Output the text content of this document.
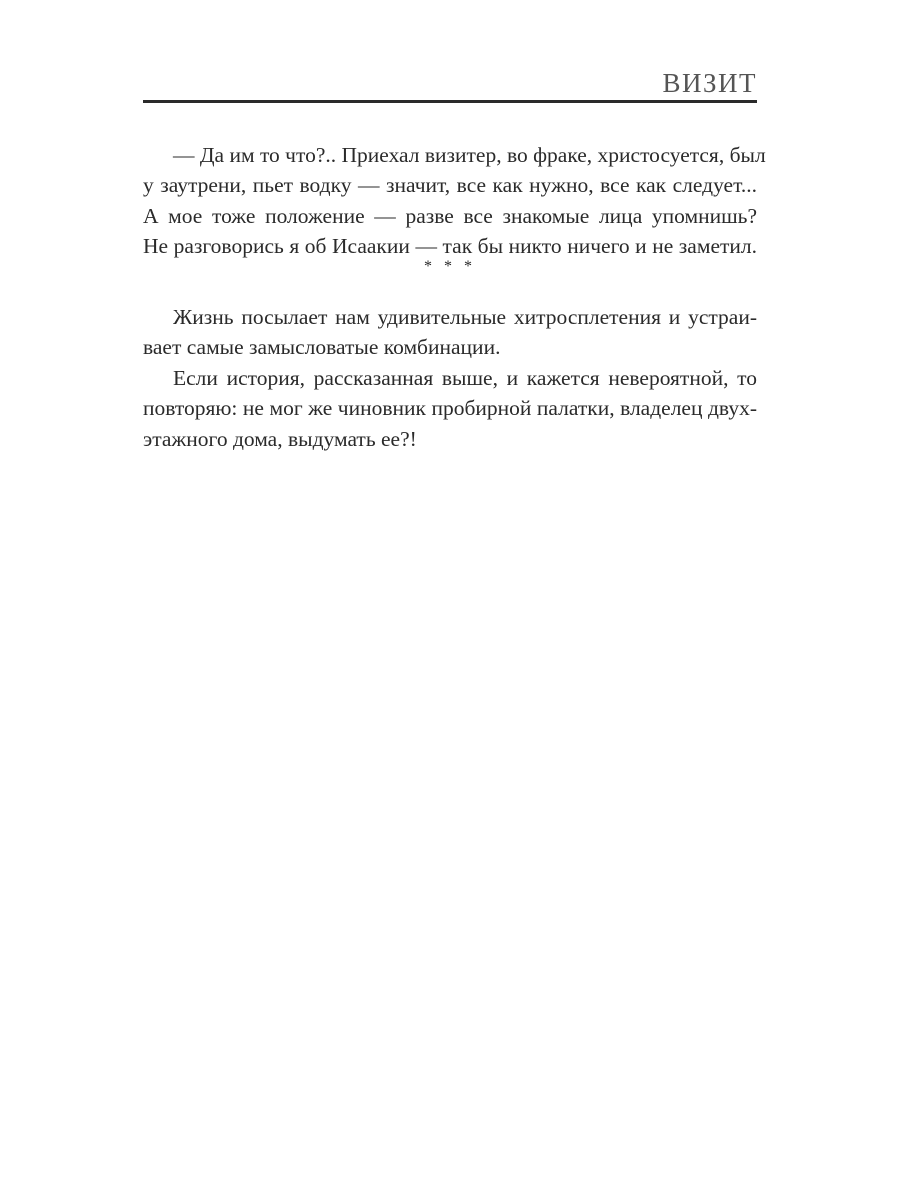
ВИЗИТ
— Да им то что?.. Приехал визитер, во фраке, христосуется, был
у заутрени, пьет водку — значит, все как нужно, все как следует...
А мое тоже положение — разве все знакомые лица упомнишь?
Не разговорись я об Исаакии — так бы никто ничего и не заметил.
* * *
Жизнь посылает нам удивительные хитросплетения и устраи-
вает самые замысловатые комбинации.
Если история, рассказанная выше, и кажется невероятной, то
повторяю: не мог же чиновник пробирной палатки, владелец двух-
этажного дома, выдумать ее?!
